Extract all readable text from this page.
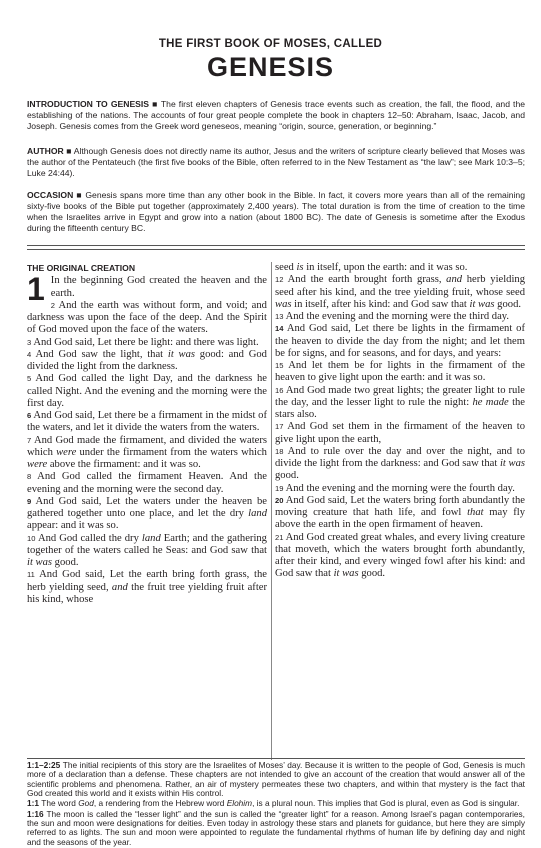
THE FIRST BOOK OF MOSES, CALLED
GENESIS
INTRODUCTION TO GENESIS ■ The first eleven chapters of Genesis trace events such as creation, the fall, the flood, and the establishing of the nations. The accounts of four great people complete the book in chapters 12–50: Abraham, Isaac, Jacob, and Joseph. Genesis comes from the Greek word geneseos, meaning “origin, source, generation, or beginning.”
AUTHOR ■ Although Genesis does not directly name its author, Jesus and the writers of scripture clearly believed that Moses was the author of the Pentateuch (the first five books of the Bible, often referred to in the New Testament as “the law”; see Mark 10:3–5; Luke 24:44).
OCCASION ■ Genesis spans more time than any other book in the Bible. In fact, it covers more years than all of the remaining sixty-five books of the Bible put together (approximately 2,400 years). The total duration is from the time of creation to the time when the Israelites arrive in Egypt and grow into a nation (about 1800 BC). The date of Genesis is sometime after the Exodus during the fifteenth century BC.
THE ORIGINAL CREATION

1 In the beginning God created the heaven and the earth.

2 And the earth was without form, and void; and darkness was upon the face of the deep. And the Spirit of God moved upon the face of the waters.

3 And God said, Let there be light: and there was light.

4 And God saw the light, that it was good: and God divided the light from the darkness.

5 And God called the light Day, and the darkness he called Night. And the evening and the morning were the first day.

6 And God said, Let there be a firmament in the midst of the waters, and let it divide the waters from the waters.

7 And God made the firmament, and divided the waters which were under the firmament from the waters which were above the firmament: and it was so.

8 And God called the firmament Heaven. And the evening and the morning were the second day.

9 And God said, Let the waters under the heaven be gathered together unto one place, and let the dry land appear: and it was so.

10 And God called the dry land Earth; and the gathering together of the waters called he Seas: and God saw that it was good.

11 And God said, Let the earth bring forth grass, the herb yielding seed, and the fruit tree yielding fruit after his kind, whose

seed is in itself, upon the earth: and it was so.

12 And the earth brought forth grass, and herb yielding seed after his kind, and the tree yielding fruit, whose seed was in itself, after his kind: and God saw that it was good.

13 And the evening and the morning were the third day.

14 And God said, Let there be lights in the firmament of the heaven to divide the day from the night; and let them be for signs, and for seasons, and for days, and years:

15 And let them be for lights in the firmament of the heaven to give light upon the earth: and it was so.

16 And God made two great lights; the greater light to rule the day, and the lesser light to rule the night: he made the stars also.

17 And God set them in the firmament of the heaven to give light upon the earth,

18 And to rule over the day and over the night, and to divide the light from the darkness: and God saw that it was good.

19 And the evening and the morning were the fourth day.

20 And God said, Let the waters bring forth abundantly the moving creature that hath life, and fowl that may fly above the earth in the open firmament of heaven.

21 And God created great whales, and every living creature that moveth, which the waters brought forth abundantly, after their kind, and every winged fowl after his kind: and God saw that it was good.

1:1–2:25 The initial recipients of this story are the Israelites of Moses’ day. Because it is written to the people of God, Genesis is much more of a declaration than a defense. These chapters are not intended to give an account of the creation that would answer all of the scientific problems and phenomena. Rather, an air of mystery permeates these two chapters, and within that mystery is the fact that God created this world and it exists within His control.

1:1 The word God, a rendering from the Hebrew word Elohim, is a plural noun. This implies that God is plural, even as God is singular.

1:16 The moon is called the “lesser light” and the sun is called the “greater light” for a reason. Among Israel’s pagan contemporaries, the sun and moon were designations for deities. Even today in astrology these stars and planets for guidance, but here they are simply referred to as lights. The sun and moon were appointed to regulate the fundamental rhythms of human life by defining day and night and the seasons of the year.
